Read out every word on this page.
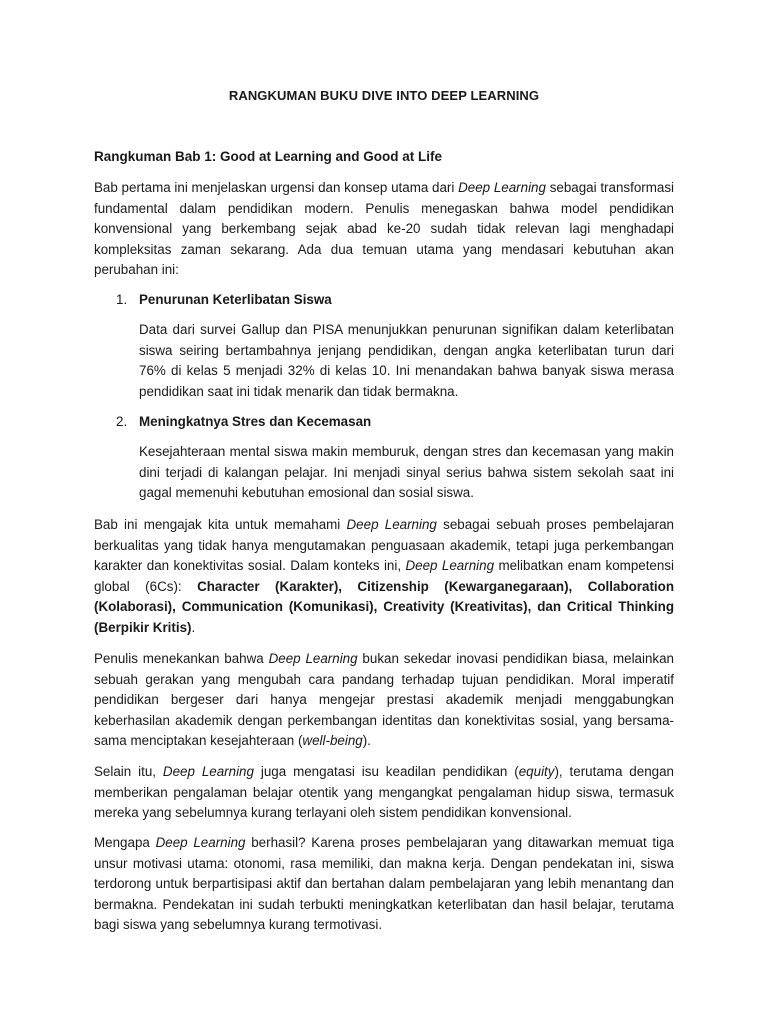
RANGKUMAN BUKU DIVE INTO DEEP LEARNING
Rangkuman Bab 1: Good at Learning and Good at Life

Bab pertama ini menjelaskan urgensi dan konsep utama dari Deep Learning sebagai transformasi fundamental dalam pendidikan modern. Penulis menegaskan bahwa model pendidikan konvensional yang berkembang sejak abad ke-20 sudah tidak relevan lagi menghadapi kompleksitas zaman sekarang. Ada dua temuan utama yang mendasari kebutuhan akan perubahan ini:

1. Penurunan Keterlibatan Siswa

Data dari survei Gallup dan PISA menunjukkan penurunan signifikan dalam keterlibatan siswa seiring bertambahnya jenjang pendidikan, dengan angka keterlibatan turun dari 76% di kelas 5 menjadi 32% di kelas 10. Ini menandakan bahwa banyak siswa merasa pendidikan saat ini tidak menarik dan tidak bermakna.

2. Meningkatnya Stres dan Kecemasan

Kesejahteraan mental siswa makin memburuk, dengan stres dan kecemasan yang makin dini terjadi di kalangan pelajar. Ini menjadi sinyal serius bahwa sistem sekolah saat ini gagal memenuhi kebutuhan emosional dan sosial siswa.

Bab ini mengajak kita untuk memahami Deep Learning sebagai sebuah proses pembelajaran berkualitas yang tidak hanya mengutamakan penguasaan akademik, tetapi juga perkembangan karakter dan konektivitas sosial. Dalam konteks ini, Deep Learning melibatkan enam kompetensi global (6Cs): Character (Karakter), Citizenship (Kewarganegaraan), Collaboration (Kolaborasi), Communication (Komunikasi), Creativity (Kreativitas), dan Critical Thinking (Berpikir Kritis).

Penulis menekankan bahwa Deep Learning bukan sekedar inovasi pendidikan biasa, melainkan sebuah gerakan yang mengubah cara pandang terhadap tujuan pendidikan. Moral imperatif pendidikan bergeser dari hanya mengejar prestasi akademik menjadi menggabungkan keberhasilan akademik dengan perkembangan identitas dan konektivitas sosial, yang bersama-sama menciptakan kesejahteraan (well-being).

Selain itu, Deep Learning juga mengatasi isu keadilan pendidikan (equity), terutama dengan memberikan pengalaman belajar otentik yang mengangkat pengalaman hidup siswa, termasuk mereka yang sebelumnya kurang terlayani oleh sistem pendidikan konvensional.

Mengapa Deep Learning berhasil? Karena proses pembelajaran yang ditawarkan memuat tiga unsur motivasi utama: otonomi, rasa memiliki, dan makna kerja. Dengan pendekatan ini, siswa terdorong untuk berpartisipasi aktif dan bertahan dalam pembelajaran yang lebih menantang dan bermakna. Pendekatan ini sudah terbukti meningkatkan keterlibatan dan hasil belajar, terutama bagi siswa yang sebelumnya kurang termotivasi.
